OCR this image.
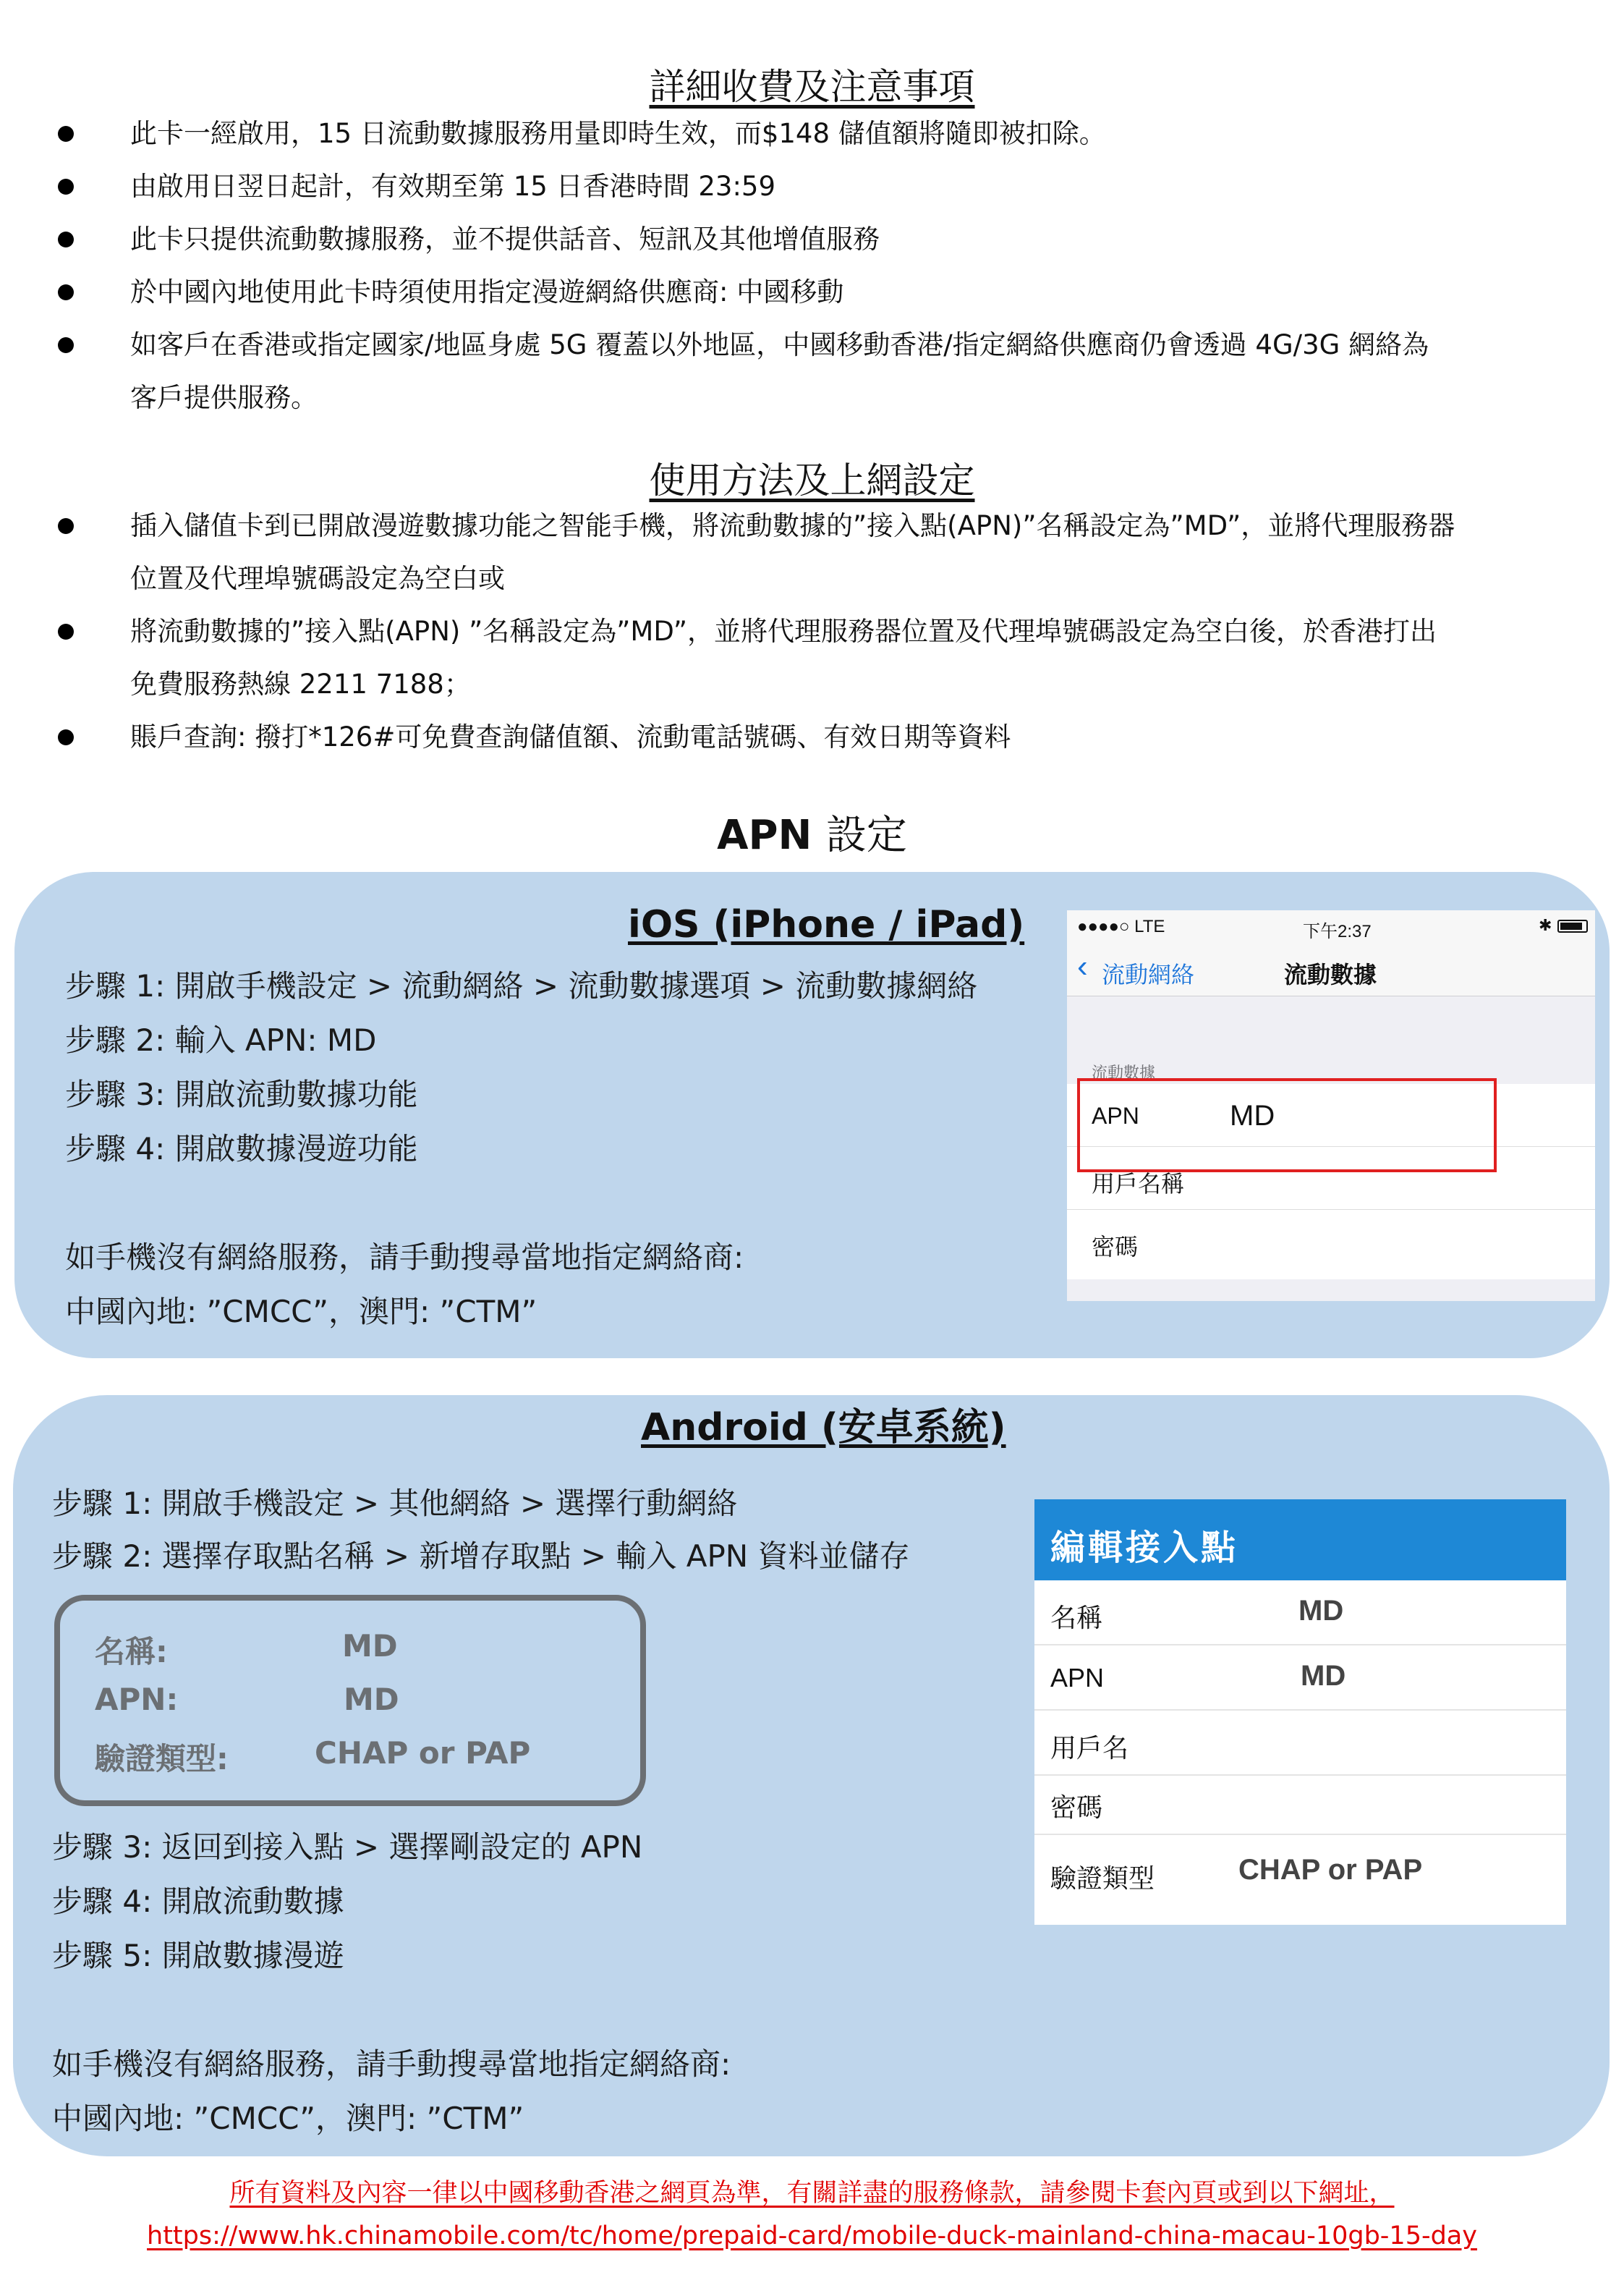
詳細收費及注意事項
此卡一經啟用，15 日流動數據服務用量即時生效，而$148 儲值額將隨即被扣除。
由啟用日翌日起計，有效期至第 15 日香港時間 23:59
此卡只提供流動數據服務，並不提供話音、短訊及其他增值服務
於中國內地使用此卡時須使用指定漫遊網絡供應商: 中國移動
如客戶在香港或指定國家/地區身處 5G 覆蓋以外地區，中國移動香港/指定網絡供應商仍會透過 4G/3G 網絡為
客戶提供服務。
使用方法及上網設定
插入儲值卡到已開啟漫遊數據功能之智能手機，將流動數據的”接入點(APN)”名稱設定為”MD”，並將代理服務器
位置及代理埠號碼設定為空白或
將流動數據的”接入點(APN) ”名稱設定為”MD”，並將代理服務器位置及代理埠號碼設定為空白後，於香港打出
免費服務熱線 2211 7188；
賬戶查詢: 撥打*126#可免費查詢儲值額、流動電話號碼、有效日期等資料
APN 設定
iOS (iPhone / iPad)
步驟 1: 開啟手機設定 > 流動網絡 > 流動數據選項 > 流動數據網絡
步驟 2: 輸入 APN: MD
步驟 3: 開啟流動數據功能
步驟 4: 開啟數據漫遊功能
如手機沒有網絡服務，請手動搜尋當地指定網絡商:
中國內地: ”CMCC”，澳門: ”CTM”
●●●●○ LTE	下午2:37	✱
‹ 流動網絡	流動數據
流動數據
APN	MD
用戶名稱
密碼
Android (安卓系統)
步驟 1: 開啟手機設定 > 其他網絡 > 選擇行動網絡
步驟 2: 選擇存取點名稱 > 新增存取點 > 輸入 APN 資料並儲存
名稱:	MD
APN:	MD
驗證類型:	CHAP or PAP
步驟 3: 返回到接入點 > 選擇剛設定的 APN
步驟 4: 開啟流動數據
步驟 5: 開啟數據漫遊
如手機沒有網絡服務，請手動搜尋當地指定網絡商:
中國內地: ”CMCC”，澳門: ”CTM”
編輯接入點
名稱	MD
APN	MD
用戶名
密碼
驗證類型	CHAP or PAP
所有資料及內容一律以中國移動香港之網頁為準，有關詳盡的服務條款，請參閱卡套內頁或到以下網址，
https://www.hk.chinamobile.com/tc/home/prepaid-card/mobile-duck-mainland-china-macau-10gb-15-day
